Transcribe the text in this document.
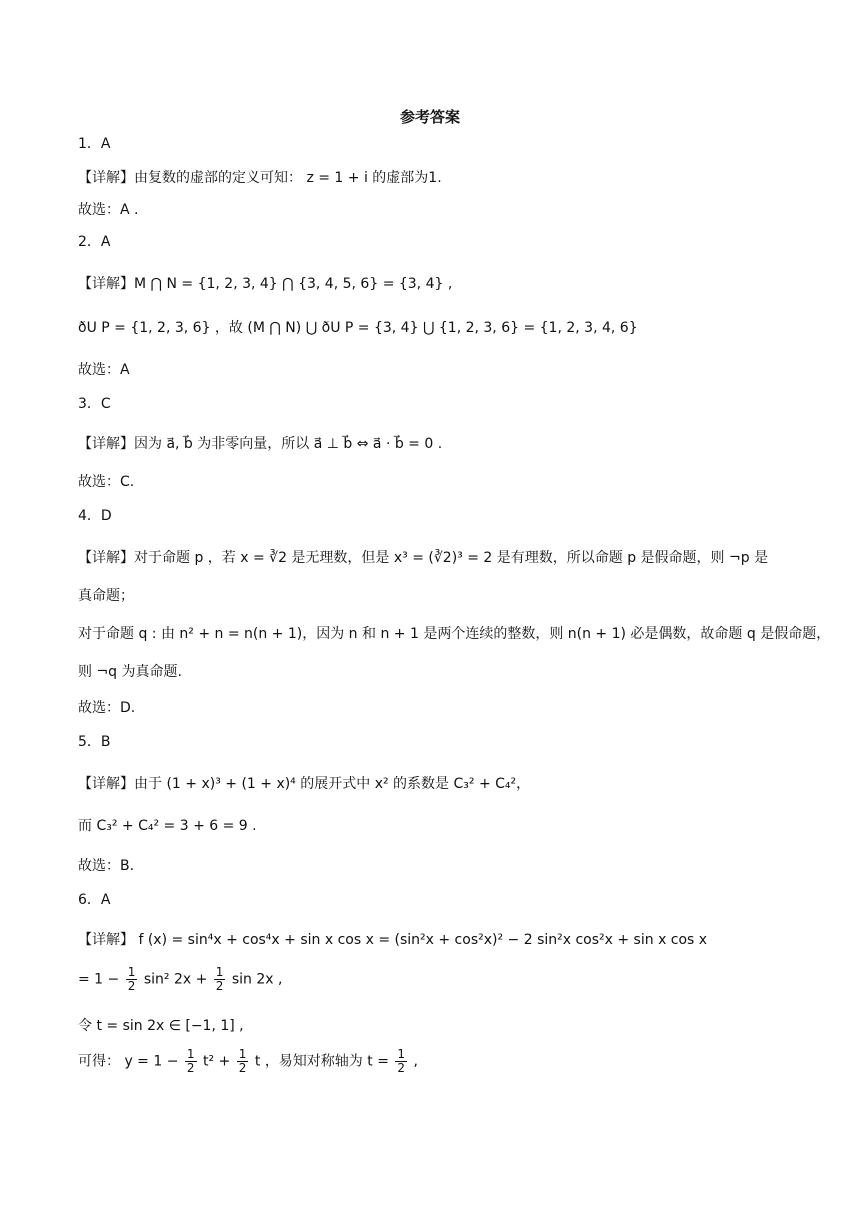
参考答案
1．A
【详解】由复数的虚部的定义可知： z = 1 + i 的虚部为1.
故选：A .
2．A
【详解】M ⋂ N = {1, 2, 3, 4} ⋂ {3, 4, 5, 6} = {3, 4} ,
ðU P = {1, 2, 3, 6} ，故 (M ⋂ N) ⋃ ðU P = {3, 4} ⋃ {1, 2, 3, 6} = {1, 2, 3, 4, 6}
故选：A
3．C
【详解】因为 a⃗, b⃗ 为非零向量，所以 a⃗ ⊥ b⃗ ⇔ a⃗ · b⃗ = 0 .
故选：C.
4．D
【详解】对于命题 p ，若 x = ∛2 是无理数，但是 x³ = (∛2)³ = 2 是有理数，所以命题 p 是假命题，则 ¬p 是
真命题；
对于命题 q : 由 n² + n = n(n + 1)，因为 n 和 n + 1 是两个连续的整数，则 n(n + 1) 必是偶数，故命题 q 是假命题，
则 ¬q 为真命题.
故选：D.
5．B
【详解】由于 (1 + x)³ + (1 + x)⁴ 的展开式中 x² 的系数是 C₃² + C₄²，
而 C₃² + C₄² = 3 + 6 = 9 .
故选：B.
6．A
【详解】 f (x) = sin⁴x + cos⁴x + sin x cos x = (sin²x + cos²x)² − 2 sin²x cos²x + sin x cos x
= $1 - \frac{1}{2} \sin^2$ $2x + \frac{1}{2}$ sin 2x ,
令 t = sin 2x ∈ [−1, 1] ,
可得： $y = 1 - \frac{1}{2} t^2 + \frac{1}{2}$ t ，易知对称轴为 $t = \frac{1}{2}$ ,
